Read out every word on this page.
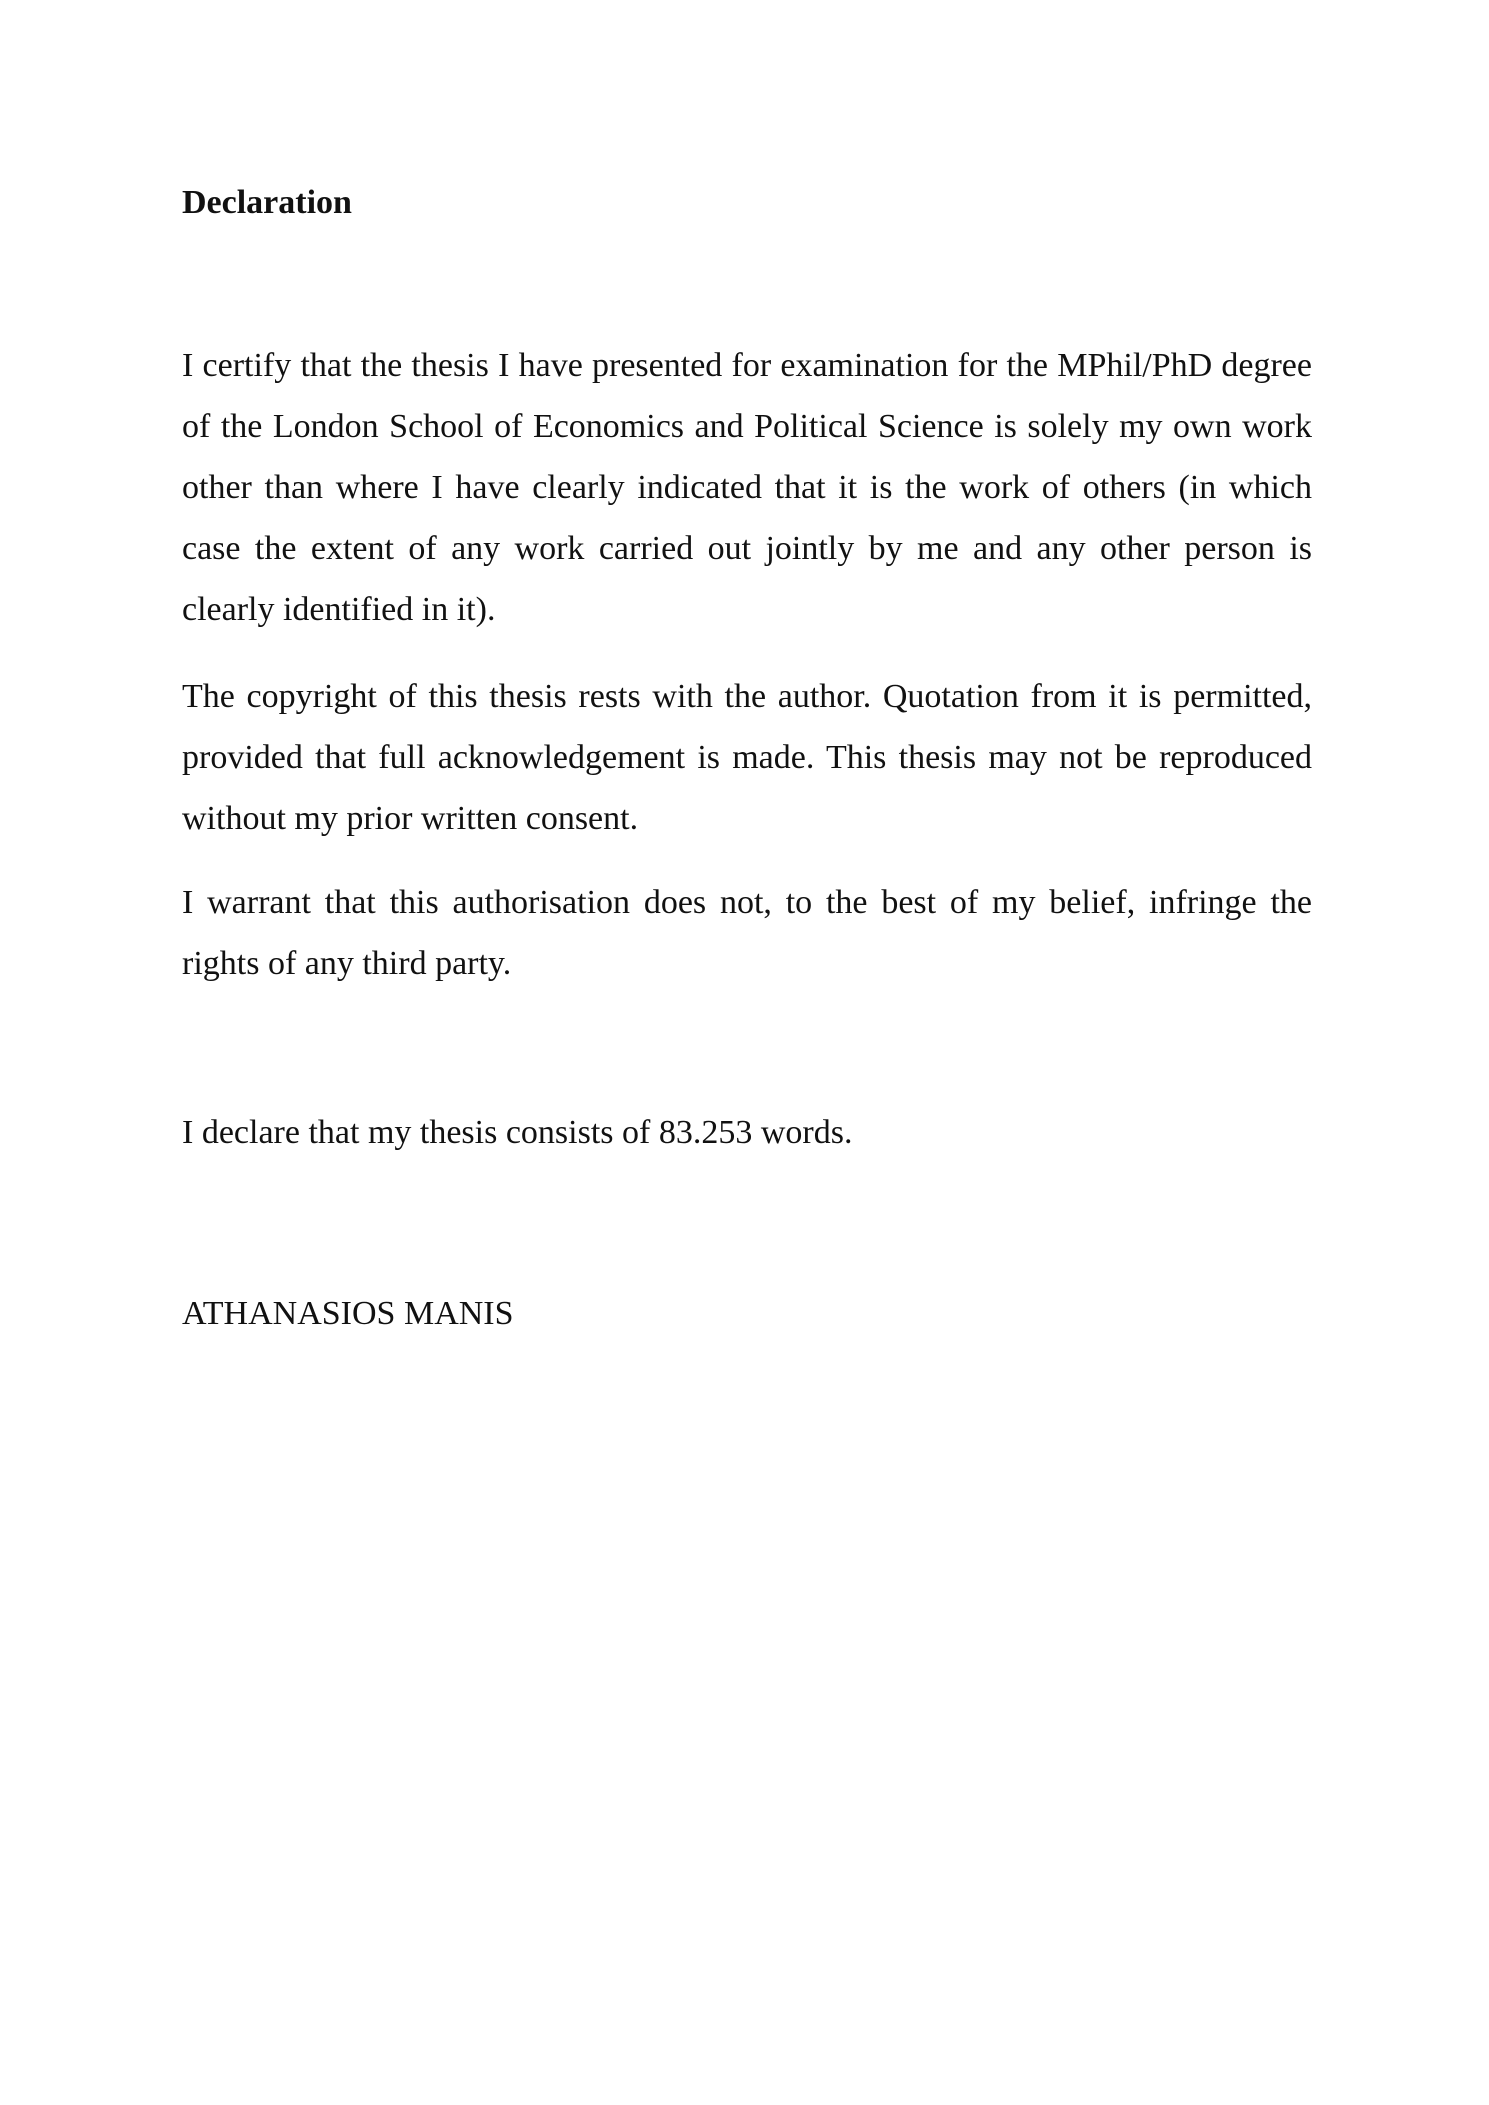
Declaration

I certify that the thesis I have presented for examination for the MPhil/PhD degree of the London School of Economics and Political Science is solely my own work other than where I have clearly indicated that it is the work of others (in which case the extent of any work carried out jointly by me and any other person is clearly identified in it).

The copyright of this thesis rests with the author. Quotation from it is permitted, provided that full acknowledgement is made. This thesis may not be reproduced without my prior written consent.

I warrant that this authorisation does not, to the best of my belief, infringe the rights of any third party.

I declare that my thesis consists of 83.253 words.

ATHANASIOS MANIS
